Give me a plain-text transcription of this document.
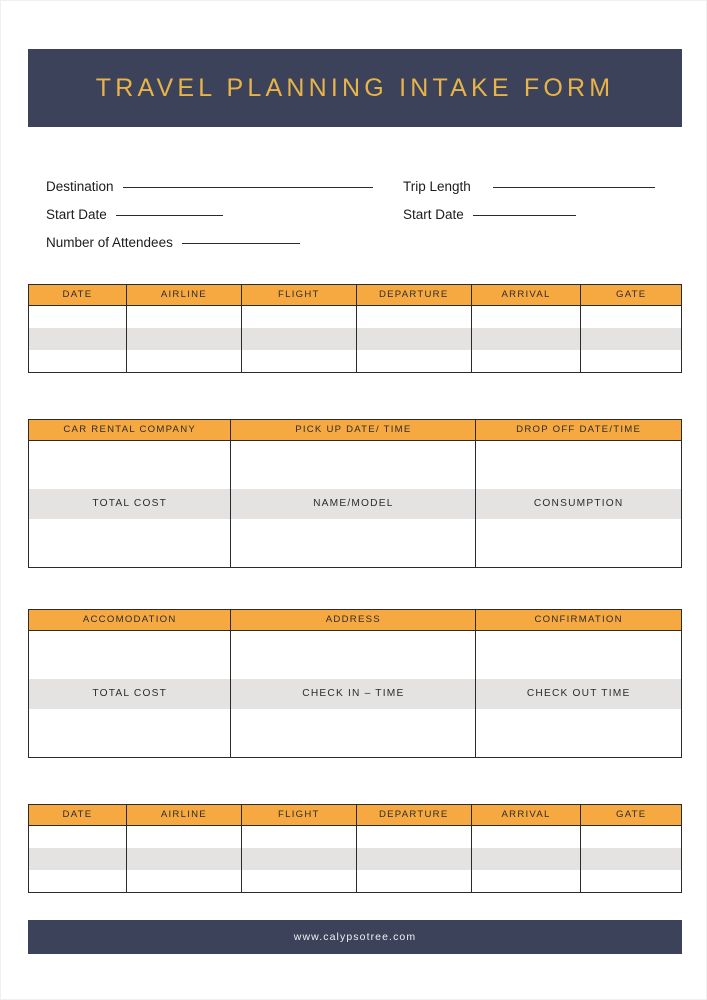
TRAVEL PLANNING INTAKE FORM
Destination	Trip Length
Start Date	Start Date
Number of Attendees
DATE	AIRLINE	FLIGHT	DEPARTURE	ARRIVAL	GATE

CAR RENTAL COMPANY	PICK UP DATE/ TIME	DROP OFF DATE/TIME

TOTAL COST	NAME/MODEL	CONSUMPTION

ACCOMODATION	ADDRESS	CONFIRMATION

TOTAL COST	CHECK IN – TIME	CHECK OUT TIME

DATE	AIRLINE	FLIGHT	DEPARTURE	ARRIVAL	GATE

www.calypsotree.com
